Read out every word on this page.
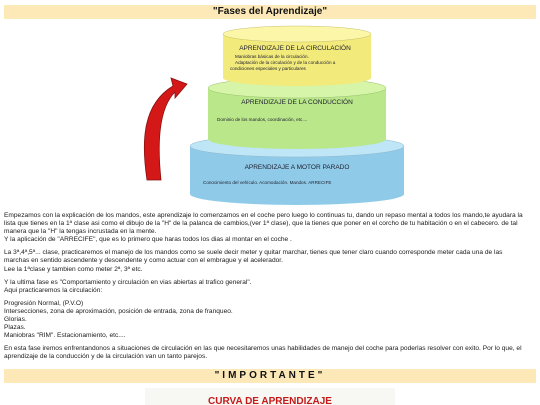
"Fases del Aprendizaje"
APRENDIZAJE A MOTOR PARADO
Conocimiento del vehículo. Acomodación. Mandos. ARRECIFE
APRENDIZAJE DE LA CONDUCCIÓN
Dominio de los mandos, coordinación, etc....
APRENDIZAJE DE LA CIRCULACIÓN
Maniobras básicas de la circulación.
Adaptación de la circulación y de la conducción a
condiciones especiales y particulares

Empezamos con la explicación de los mandos, este aprendizaje lo comenzamos en el coche pero luego lo continuas tu, dando un repaso mental a todos los mando,te ayudara la
lista que tienes en la 1ª clase asi como el dibujo de la "H" de la palanca de cambios,(ver 1ª clase), que la tienes que poner en el corcho de tu habitación o en el cabecero. de tal
manera que la "H" la tengas incrustada en la mente.
Y la aplicación de "ARRECIFE", que es lo primero que haras todos los dias al montar en el coche .

La 3ª,4ª,5ª... clase, practicaremos el manejo de los mandos como se suele decir meter y quitar marchar, tienes que tener claro cuando corresponde meter cada una de las
marchas en sentido ascendente y descendente y como actuar con el embrague y el acelerador.
Lee la 1ªclase y tambien como meter 2ª, 3ª etc.

Y la ultima fase es "Comportamiento y circulación en vias abiertas al trafico general".
Aqui practicaremos la circulación:

Progresión Normal, (P.V.O)
Intersecciones, zona de aproximación, posición de entrada, zona de franqueo.
Glorias.
Plazas.
Maniobras "RIM". Estacionamiento, etc....

En esta fase iremos enfrentandonos a situaciones de circulación en las que necesitaremos unas habilidades de manejo del coche para poderlas resolver con exito. Por lo que, el
aprendizaje de la conducción y de la circulación van un tanto parejos.

"IMPORTANTE"
CURVA DE APRENDIZAJE
